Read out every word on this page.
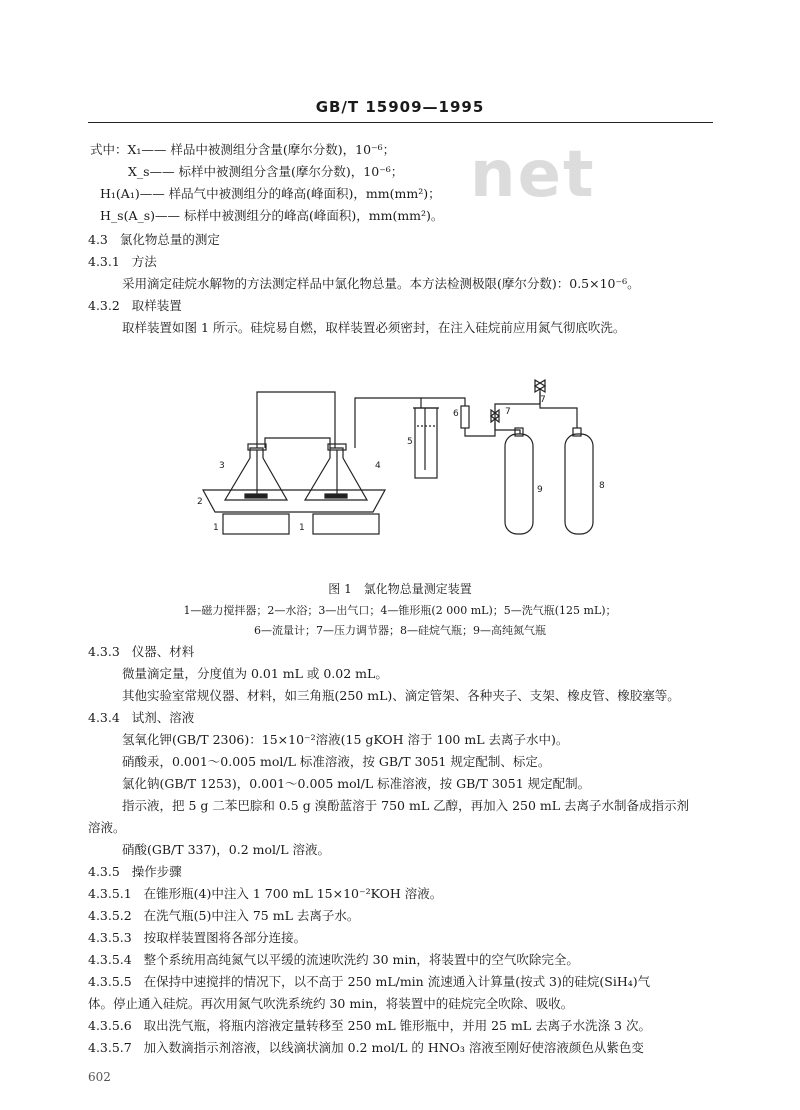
GB/T 15909—1995
net
式中：X₁—— 样品中被测组分含量(摩尔分数)，10⁻⁶；
X_s—— 标样中被测组分含量(摩尔分数)，10⁻⁶；
H₁(A₁)—— 样品气中被测组分的峰高(峰面积)，mm(mm²)；
H_s(A_s)—— 标样中被测组分的峰高(峰面积)，mm(mm²)。
4.3 氯化物总量的测定
4.3.1 方法
采用滴定硅烷水解物的方法测定样品中氯化物总量。本方法检测极限(摩尔分数)：0.5×10⁻⁶。
4.3.2 取样装置
取样装置如图 1 所示。硅烷易自燃，取样装置必须密封，在注入硅烷前应用氮气彻底吹洗。
2
1	1
3	4
5
6	7
7
8
9
图 1　氯化物总量测定装置
1—磁力搅拌器；2—水浴；3—出气口；4—锥形瓶(2 000 mL)；5—洗气瓶(125 mL)；
6—流量计；7—压力调节器；8—硅烷气瓶；9—高纯氮气瓶
4.3.3 仪器、材料
微量滴定量，分度值为 0.01 mL 或 0.02 mL。
其他实验室常规仪器、材料，如三角瓶(250 mL)、滴定管架、各种夹子、支架、橡皮管、橡胶塞等。
4.3.4 试剂、溶液
氢氧化钾(GB/T 2306)：15×10⁻²溶液(15 gKOH 溶于 100 mL 去离子水中)。
硝酸汞，0.001～0.005 mol/L 标准溶液，按 GB/T 3051 规定配制、标定。
氯化钠(GB/T 1253)，0.001～0.005 mol/L 标准溶液，按 GB/T 3051 规定配制。
指示液，把 5 g 二苯巴腙和 0.5 g 溴酚蓝溶于 750 mL 乙醇，再加入 250 mL 去离子水制备成指示剂
溶液。
硝酸(GB/T 337)，0.2 mol/L 溶液。
4.3.5 操作步骤
4.3.5.1 在锥形瓶(4)中注入 1 700 mL 15×10⁻²KOH 溶液。
4.3.5.2 在洗气瓶(5)中注入 75 mL 去离子水。
4.3.5.3 按取样装置图将各部分连接。
4.3.5.4 整个系统用高纯氮气以平缓的流速吹洗约 30 min，将装置中的空气吹除完全。
4.3.5.5 在保持中速搅拌的情况下，以不高于 250 mL/min 流速通入计算量(按式 3)的硅烷(SiH₄)气
体。停止通入硅烷。再次用氮气吹洗系统约 30 min，将装置中的硅烷完全吹除、吸收。
4.3.5.6 取出洗气瓶，将瓶内溶液定量转移至 250 mL 锥形瓶中，并用 25 mL 去离子水洗涤 3 次。
4.3.5.7 加入数滴指示剂溶液，以线滴状滴加 0.2 mol/L 的 HNO₃ 溶液至刚好使溶液颜色从紫色变
602
